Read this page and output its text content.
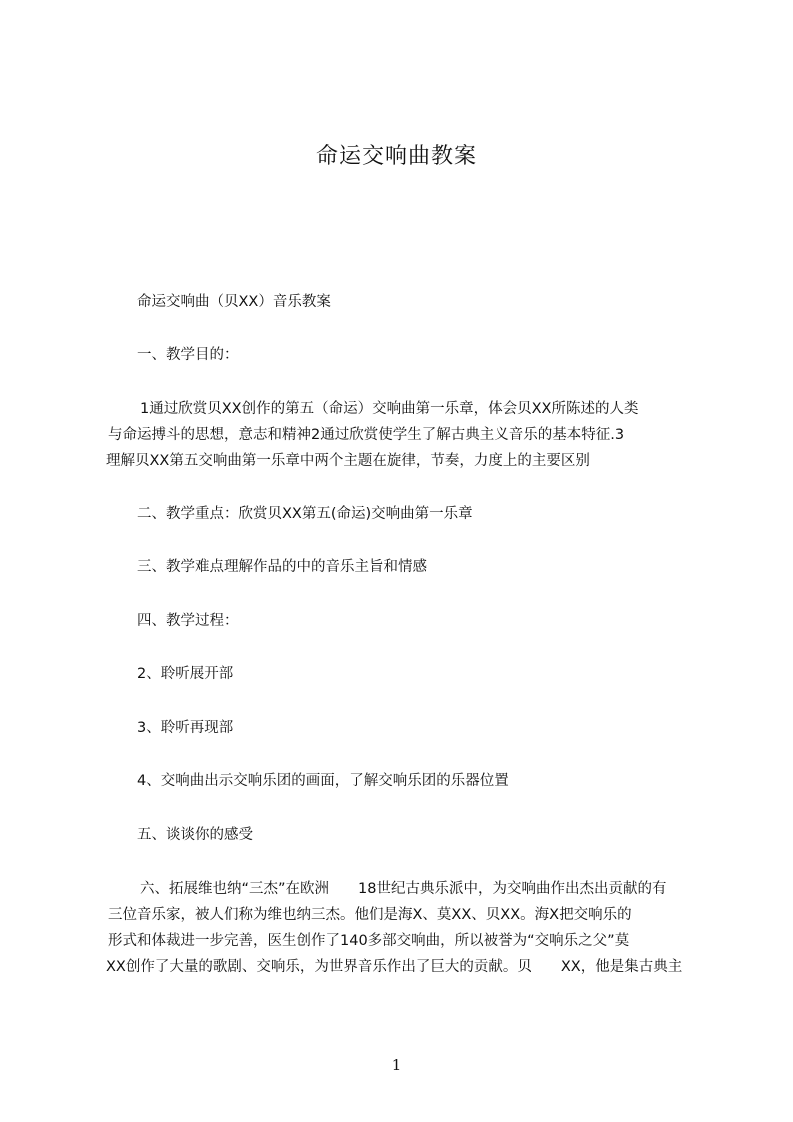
命运交响曲教案
命运交响曲（贝XX）音乐教案
一、教学目的：
1通过欣赏贝XX创作的第五（命运）交响曲第一乐章，体会贝XX所陈述的人类
与命运搏斗的思想，意志和精神2通过欣赏使学生了解古典主义音乐的基本特征.3
理解贝XX第五交响曲第一乐章中两个主题在旋律，节奏，力度上的主要区别
二、教学重点：欣赏贝XX第五(命运)交响曲第一乐章
三、教学难点理解作品的中的音乐主旨和情感
四、教学过程：
2、聆听展开部
3、聆听再现部
4、交响曲出示交响乐团的画面，了解交响乐团的乐器位置
五、谈谈你的感受
六、拓展维也纳“三杰”在欧洲　　18世纪古典乐派中，为交响曲作出杰出贡献的有
三位音乐家，被人们称为维也纳三杰。他们是海X、莫XX、贝XX。海X把交响乐的
形式和体裁进一步完善，医生创作了140多部交响曲，所以被誉为“交响乐之父”莫
XX创作了大量的歌剧、交响乐，为世界音乐作出了巨大的贡献。贝　　XX，他是集古典主
1
